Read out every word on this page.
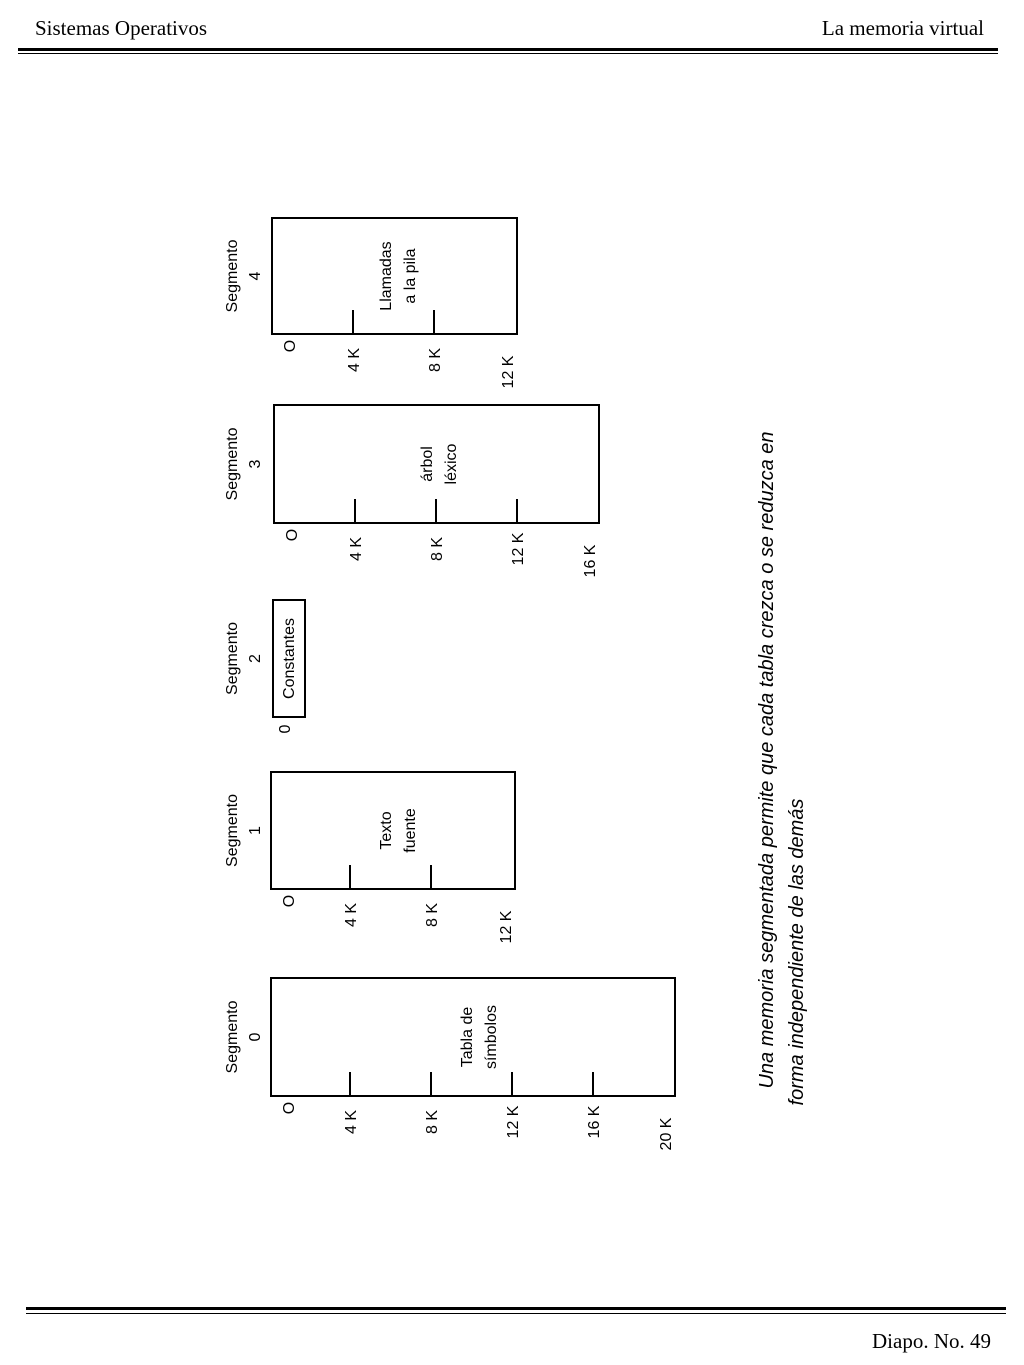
Sistemas Operativos	La memoria virtual
Una memoria segmentada permite que cada tabla crezca o se reduzca en forma independiente de las demás
Segmento 0	Tabla de símbolos
O
4 K	8 K	12 K	16 K	20 K
Segmento 1	Texto fuente
O
4 K	8 K	12 K
Segmento 2 Constantes
0
Segmento 3	árbol léxico
O
4 K	8 K	12 K	16 K
Segmento 4	Llamadas a la pila
O
4 K	8 K	12 K
Diapo. No. 49
